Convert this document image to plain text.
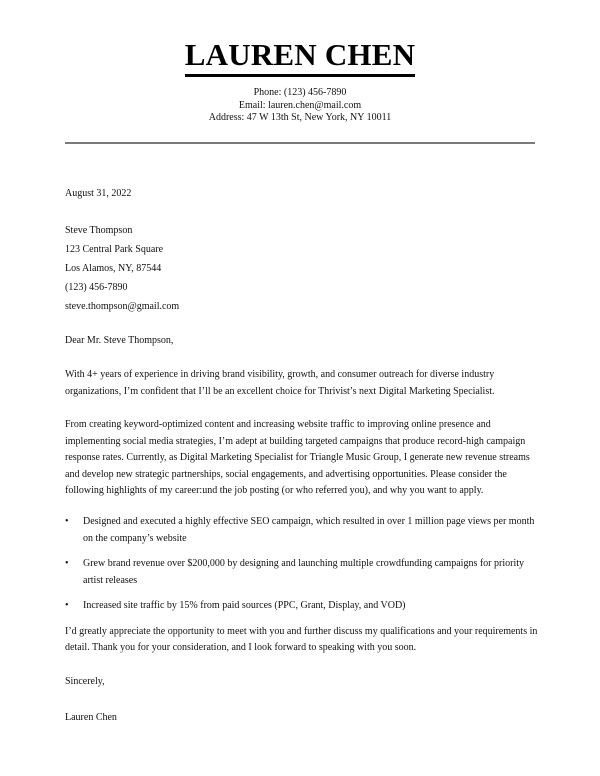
LAUREN CHEN
Phone: (123) 456-7890
Email: lauren.chen@mail.com
Address: 47 W 13th St, New York, NY 10011
August 31, 2022
Steve Thompson
123 Central Park Square
Los Alamos, NY, 87544
(123) 456-7890
steve.thompson@gmail.com
Dear Mr. Steve Thompson,

With 4+ years of experience in driving brand visibility, growth, and consumer outreach for diverse industry organizations, I’m confident that I’ll be an excellent choice for Thrivist’s next Digital Marketing Specialist.

From creating keyword-optimized content and increasing website traffic to improving online presence and implementing social media strategies, I’m adept at building targeted campaigns that produce record-high campaign response rates. Currently, as Digital Marketing Specialist for Triangle Music Group, I generate new revenue streams and develop new strategic partnerships, social engagements, and advertising opportunities. Please consider the following highlights of my career:und the job posting (or who referred you), and why you want to apply.

• Designed and executed a highly effective SEO campaign, which resulted in over 1 million page views per month on the company’s website
• Grew brand revenue over $200,000 by designing and launching multiple crowdfunding campaigns for priority artist releases
• Increased site traffic by 15% from paid sources (PPC, Grant, Display, and VOD)

I’d greatly appreciate the opportunity to meet with you and further discuss my qualifications and your requirements in detail. Thank you for your consideration, and I look forward to speaking with you soon.

Sincerely,
Lauren Chen
